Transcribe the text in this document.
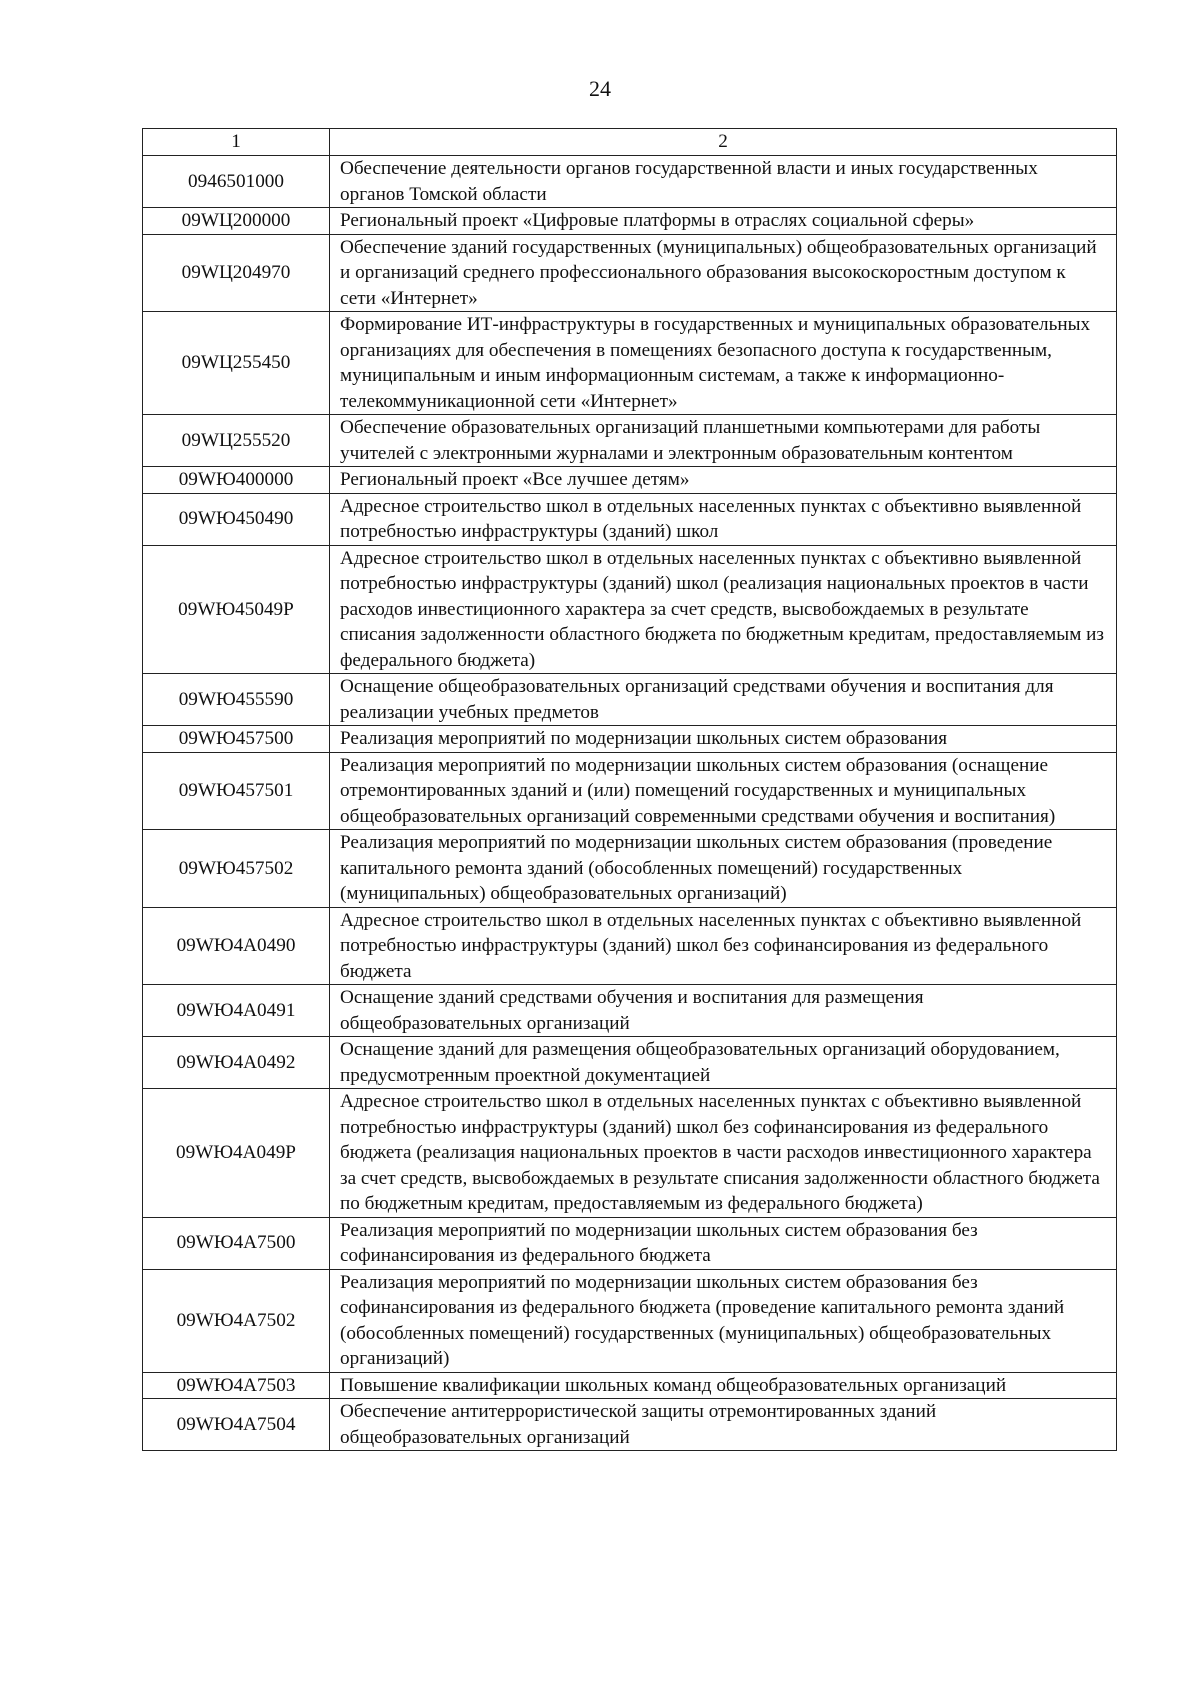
24
1	2
0946501000	Обеспечение деятельности органов государственной власти и иных государственных органов Томской области
09WЦ200000	Региональный проект «Цифровые платформы в отраслях социальной сферы»
09WЦ204970	Обеспечение зданий государственных (муниципальных) общеобразовательных организаций и организаций среднего профессионального образования высокоскоростным доступом к сети «Интернет»
09WЦ255450	Формирование ИТ-инфраструктуры в государственных и муниципальных образовательных организациях для обеспечения в помещениях безопасного доступа к государственным, муниципальным и иным информационным системам, а также к информационно-телекоммуникационной сети «Интернет»
09WЦ255520	Обеспечение образовательных организаций планшетными компьютерами для работы учителей с электронными журналами и электронным образовательным контентом
09WЮ400000	Региональный проект «Все лучшее детям»
09WЮ450490	Адресное строительство школ в отдельных населенных пунктах с объективно выявленной потребностью инфраструктуры (зданий) школ
09WЮ45049Р	Адресное строительство школ в отдельных населенных пунктах с объективно выявленной потребностью инфраструктуры (зданий) школ (реализация национальных проектов в части расходов инвестиционного характера за счет средств, высвобождаемых в результате списания задолженности областного бюджета по бюджетным кредитам, предоставляемым из федерального бюджета)
09WЮ455590	Оснащение общеобразовательных организаций средствами обучения и воспитания для реализации учебных предметов
09WЮ457500	Реализация мероприятий по модернизации школьных систем образования
09WЮ457501	Реализация мероприятий по модернизации школьных систем образования (оснащение отремонтированных зданий и (или) помещений государственных и муниципальных общеобразовательных организаций современными средствами обучения и воспитания)
09WЮ457502	Реализация мероприятий по модернизации школьных систем образования (проведение капитального ремонта зданий (обособленных помещений) государственных (муниципальных) общеобразовательных организаций)
09WЮ4А0490	Адресное строительство школ в отдельных населенных пунктах с объективно выявленной потребностью инфраструктуры (зданий) школ без софинансирования из федерального бюджета
09WЮ4А0491	Оснащение зданий средствами обучения и воспитания для размещения общеобразовательных организаций
09WЮ4А0492	Оснащение зданий для размещения общеобразовательных организаций оборудованием, предусмотренным проектной документацией
09WЮ4А049Р	Адресное строительство школ в отдельных населенных пунктах с объективно выявленной потребностью инфраструктуры (зданий) школ без софинансирования из федерального бюджета (реализация национальных проектов в части расходов инвестиционного характера за счет средств, высвобождаемых в результате списания задолженности областного бюджета по бюджетным кредитам, предоставляемым из федерального бюджета)
09WЮ4А7500	Реализация мероприятий по модернизации школьных систем образования без софинансирования из федерального бюджета
09WЮ4А7502	Реализация мероприятий по модернизации школьных систем образования без софинансирования из федерального бюджета (проведение капитального ремонта зданий (обособленных помещений) государственных (муниципальных) общеобразовательных организаций)
09WЮ4А7503	Повышение квалификации школьных команд общеобразовательных организаций
09WЮ4А7504	Обеспечение антитеррористической защиты отремонтированных зданий общеобразовательных организаций
